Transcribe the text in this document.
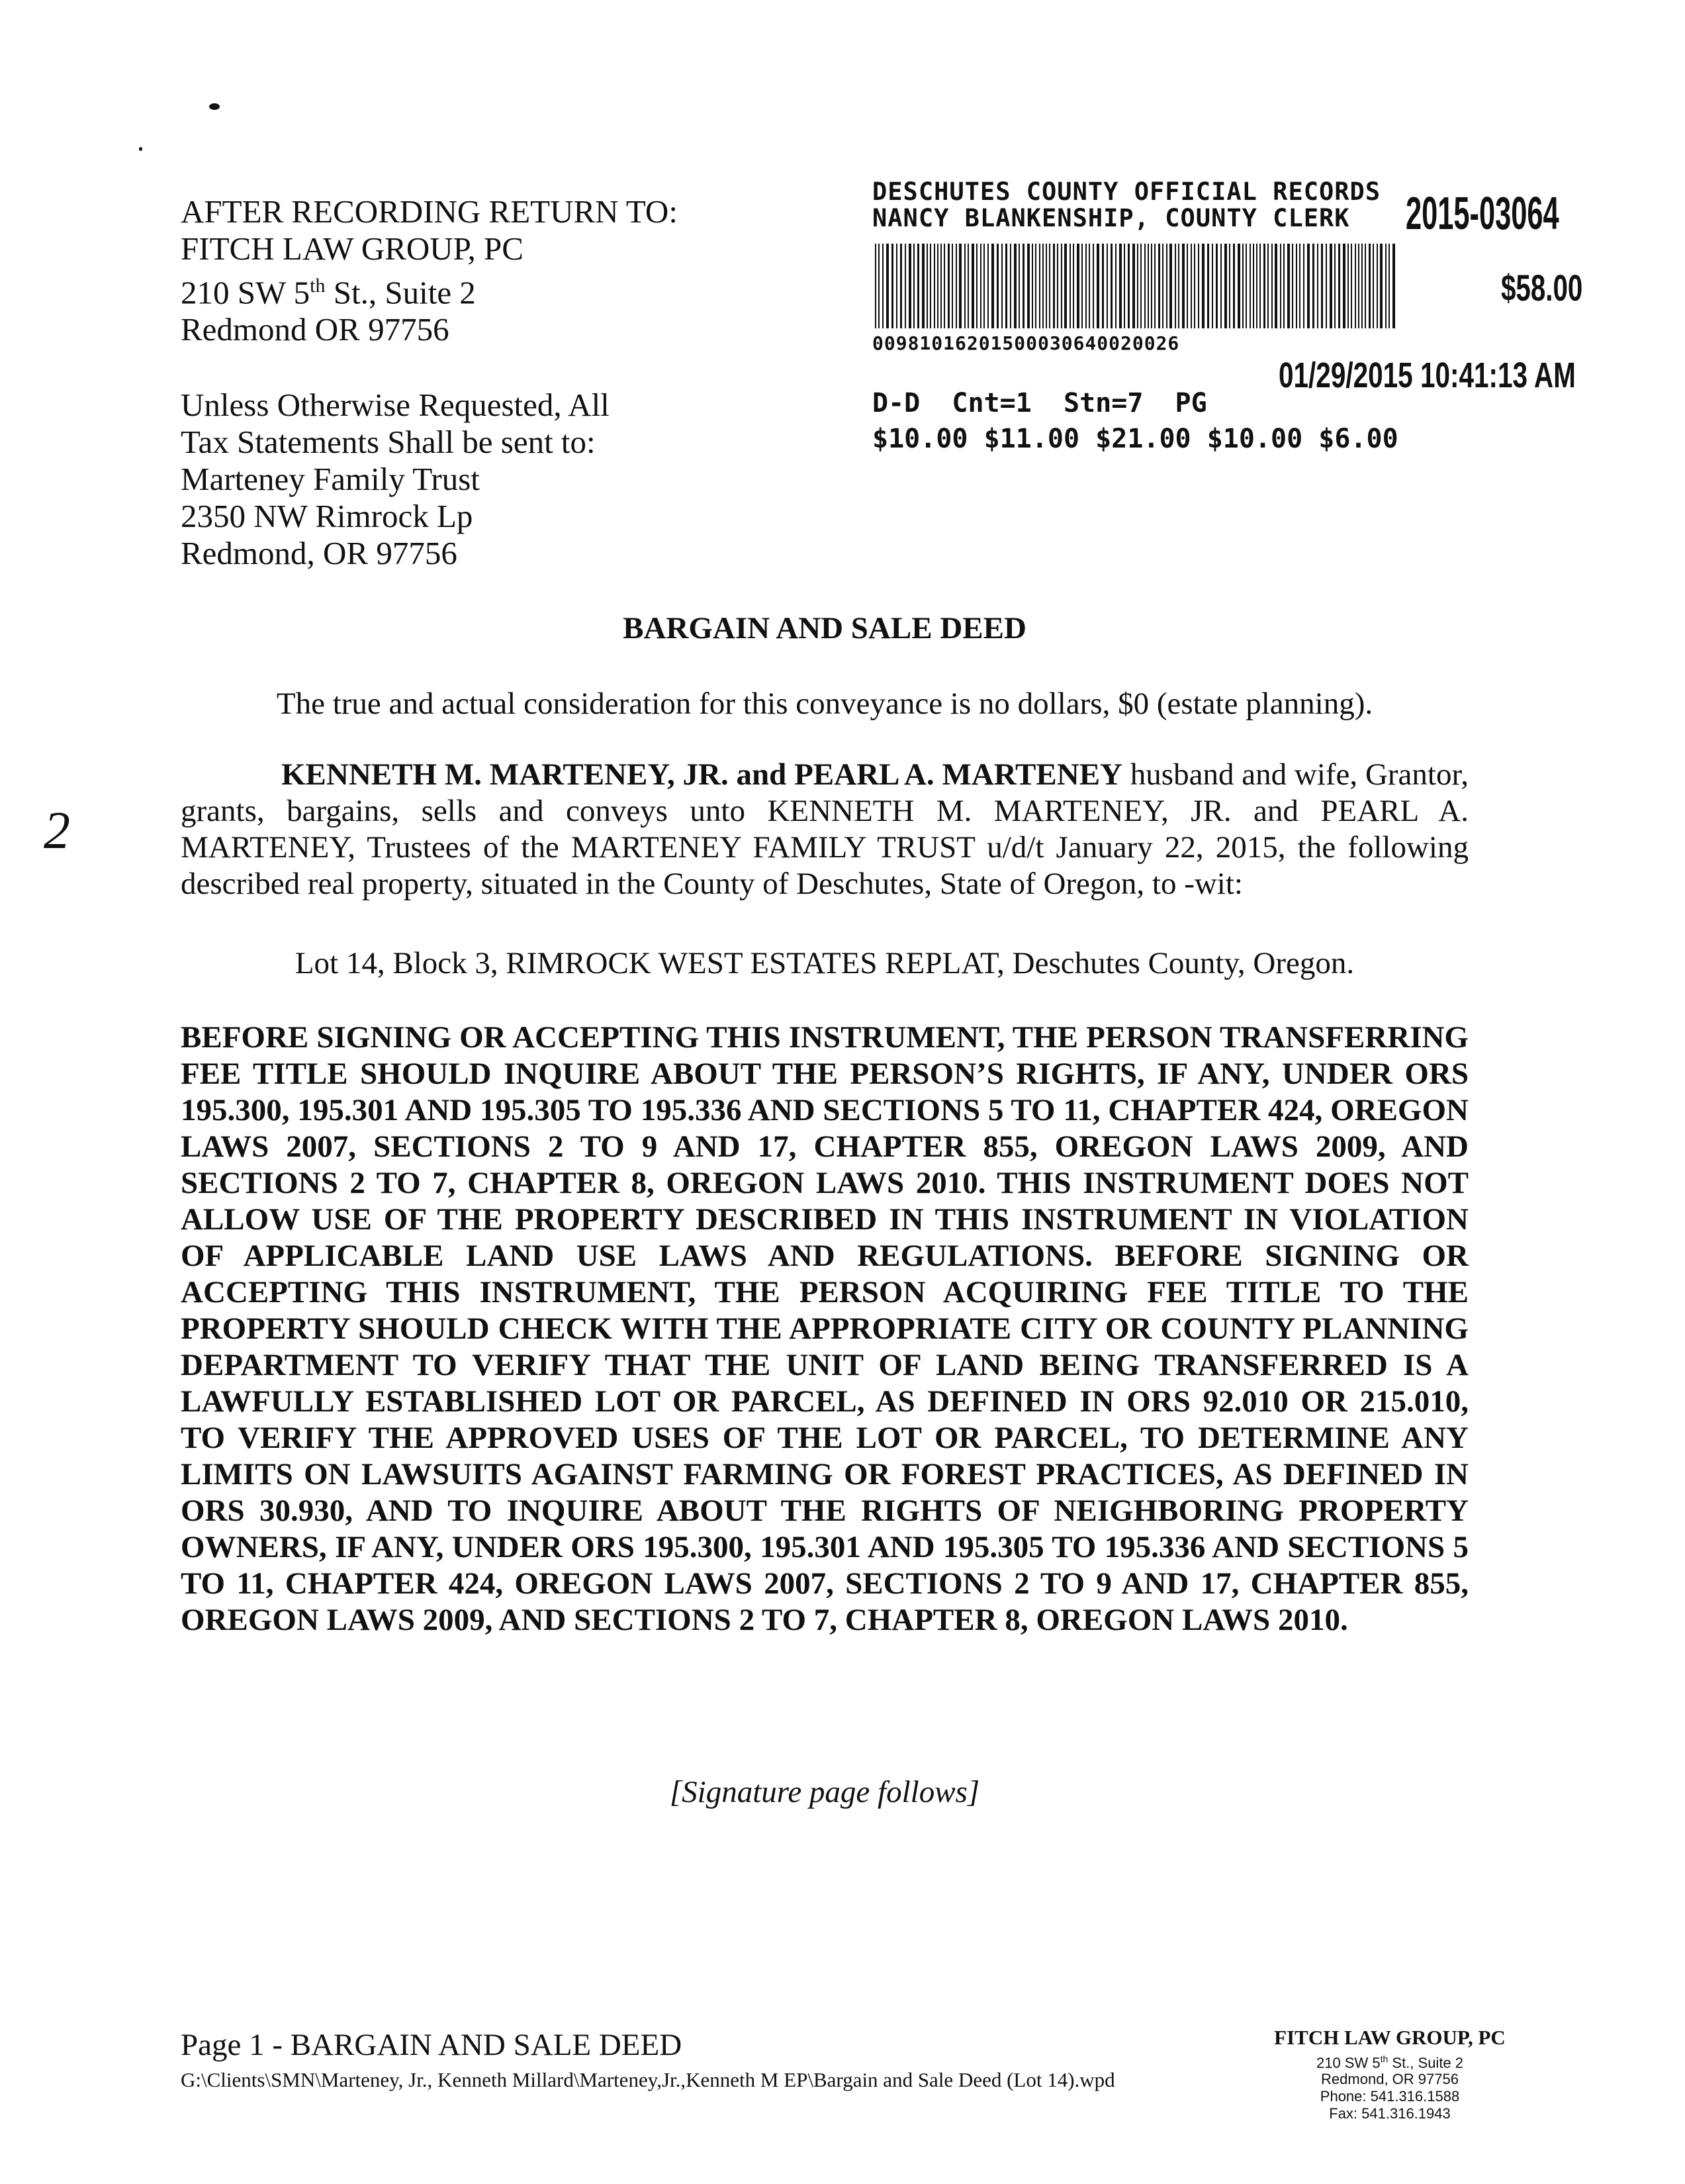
AFTER RECORDING RETURN TO:
FITCH LAW GROUP, PC
210 SW 5th St., Suite 2
Redmond OR 97756
Unless Otherwise Requested, All
Tax Statements Shall be sent to:
Marteney Family Trust
2350 NW Rimrock Lp
Redmond, OR 97756
DESCHUTES COUNTY OFFICIAL RECORDS
NANCY BLANKENSHIP, COUNTY CLERK 2015-03064
$58.00
00981016201500030640020026
01/29/2015 10:41:13 AM
D-D  Cnt=1  Stn=7  PG
$10.00 $11.00 $21.00 $10.00 $6.00
BARGAIN AND SALE DEED
The true and actual consideration for this conveyance is no dollars, $0 (estate planning).
2
KENNETH M. MARTENEY, JR. and PEARL A. MARTENEY husband and wife, Grantor, grants, bargains, sells and conveys unto KENNETH M. MARTENEY, JR. and PEARL A. MARTENEY, Trustees of the MARTENEY FAMILY TRUST u/d/t January 22, 2015, the following described real property, situated in the County of Deschutes, State of Oregon, to -wit:
Lot 14, Block 3, RIMROCK WEST ESTATES REPLAT, Deschutes County, Oregon.
BEFORE SIGNING OR ACCEPTING THIS INSTRUMENT, THE PERSON TRANSFERRING FEE TITLE SHOULD INQUIRE ABOUT THE PERSON’S RIGHTS, IF ANY, UNDER ORS 195.300, 195.301 AND 195.305 TO 195.336 AND SECTIONS 5 TO 11, CHAPTER 424, OREGON LAWS 2007, SECTIONS 2 TO 9 AND 17, CHAPTER 855, OREGON LAWS 2009, AND SECTIONS 2 TO 7, CHAPTER 8, OREGON LAWS 2010. THIS INSTRUMENT DOES NOT ALLOW USE OF THE PROPERTY DESCRIBED IN THIS INSTRUMENT IN VIOLATION OF APPLICABLE LAND USE LAWS AND REGULATIONS. BEFORE SIGNING OR ACCEPTING THIS INSTRUMENT, THE PERSON ACQUIRING FEE TITLE TO THE PROPERTY SHOULD CHECK WITH THE APPROPRIATE CITY OR COUNTY PLANNING DEPARTMENT TO VERIFY THAT THE UNIT OF LAND BEING TRANSFERRED IS A LAWFULLY ESTABLISHED LOT OR PARCEL, AS DEFINED IN ORS 92.010 OR 215.010, TO VERIFY THE APPROVED USES OF THE LOT OR PARCEL, TO DETERMINE ANY LIMITS ON LAWSUITS AGAINST FARMING OR FOREST PRACTICES, AS DEFINED IN ORS 30.930, AND TO INQUIRE ABOUT THE RIGHTS OF NEIGHBORING PROPERTY OWNERS, IF ANY, UNDER ORS 195.300, 195.301 AND 195.305 TO 195.336 AND SECTIONS 5 TO 11, CHAPTER 424, OREGON LAWS 2007, SECTIONS 2 TO 9 AND 17, CHAPTER 855, OREGON LAWS 2009, AND SECTIONS 2 TO 7, CHAPTER 8, OREGON LAWS 2010.
[Signature page follows]
Page 1 - BARGAIN AND SALE DEED
G:\Clients\SMN\Marteney, Jr., Kenneth Millard\Marteney,Jr.,Kenneth M EP\Bargain and Sale Deed (Lot 14).wpd
FITCH LAW GROUP, PC
210 SW 5th St., Suite 2
Redmond, OR 97756
Phone: 541.316.1588
Fax: 541.316.1943
